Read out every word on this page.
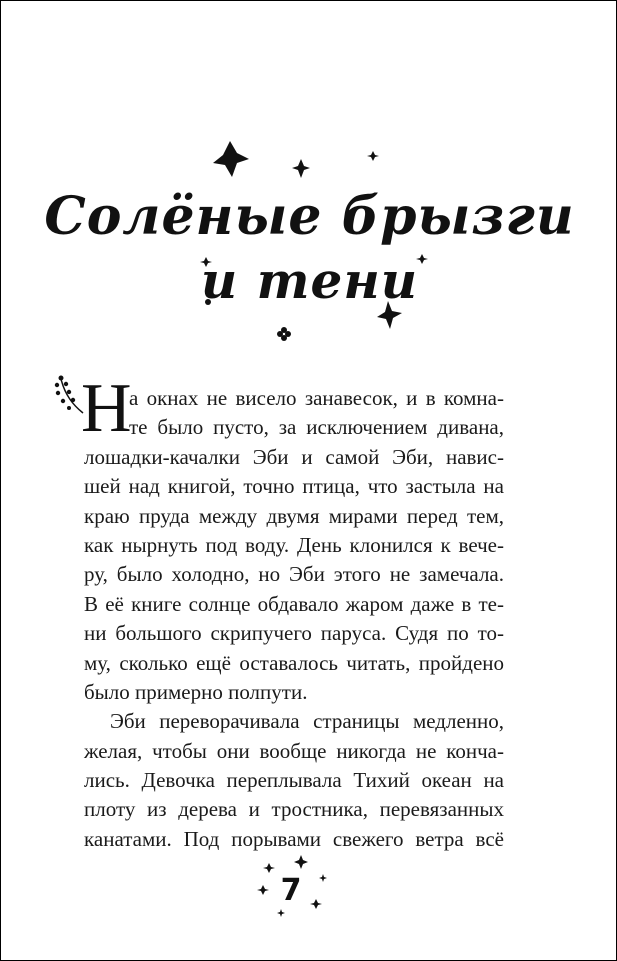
Солёные брызги
и тени
Н
а окнах не висело занавесок, и в комна-
те было пусто, за исключением дивана,
лошадки-качалки Эби и самой Эби, навис-
шей над книгой, точно птица, что застыла на
краю пруда между двумя мирами перед тем,
как нырнуть под воду. День клонился к вече-
ру, было холодно, но Эби этого не замечала.
В её книге солнце обдавало жаром даже в те-
ни большого скрипучего паруса. Судя по то-
му, сколько ещё оставалось читать, пройдено
было примерно полпути.
Эби переворачивала страницы медленно,
желая, чтобы они вообще никогда не конча-
лись. Девочка переплывала Тихий океан на
плоту из дерева и тростника, перевязанных
канатами. Под порывами свежего ветра всё
7
